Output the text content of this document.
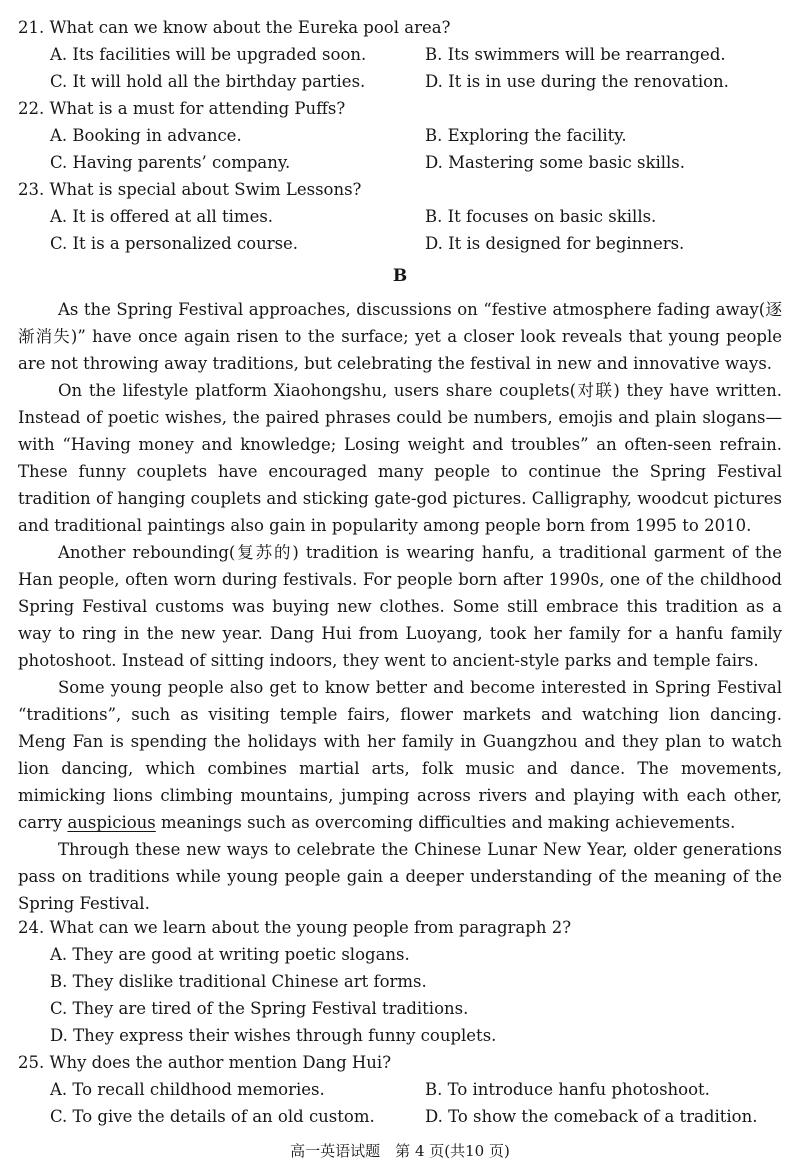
21. What can we know about the Eureka pool area?
A. Its facilities will be upgraded soon.	B. Its swimmers will be rearranged.
C. It will hold all the birthday parties.	D. It is in use during the renovation.
22. What is a must for attending Puffs?
A. Booking in advance.	B. Exploring the facility.
C. Having parents’ company.	D. Mastering some basic skills.
23. What is special about Swim Lessons?
A. It is offered at all times.	B. It focuses on basic skills.
C. It is a personalized course.	D. It is designed for beginners.
B
As the Spring Festival approaches, discussions on “festive atmosphere fading away(逐渐消失)” have once again risen to the surface; yet a closer look reveals that young people are not throwing away traditions, but celebrating the festival in new and innovative ways.
On the lifestyle platform Xiaohongshu, users share couplets(对联) they have written. Instead of poetic wishes, the paired phrases could be numbers, emojis and plain slogans—with “Having money and knowledge; Losing weight and troubles” an often-seen refrain. These funny couplets have encouraged many people to continue the Spring Festival tradition of hanging couplets and sticking gate-god pictures. Calligraphy, woodcut pictures and traditional paintings also gain in popularity among people born from 1995 to 2010.
Another rebounding(复苏的) tradition is wearing hanfu, a traditional garment of the Han people, often worn during festivals. For people born after 1990s, one of the childhood Spring Festival customs was buying new clothes. Some still embrace this tradition as a way to ring in the new year. Dang Hui from Luoyang, took her family for a hanfu family photoshoot. Instead of sitting indoors, they went to ancient-style parks and temple fairs.
Some young people also get to know better and become interested in Spring Festival “traditions”, such as visiting temple fairs, flower markets and watching lion dancing. Meng Fan is spending the holidays with her family in Guangzhou and they plan to watch lion dancing, which combines martial arts, folk music and dance. The movements, mimicking lions climbing mountains, jumping across rivers and playing with each other, carry auspicious meanings such as overcoming difficulties and making achievements.
Through these new ways to celebrate the Chinese Lunar New Year, older generations pass on traditions while young people gain a deeper understanding of the meaning of the Spring Festival.
24. What can we learn about the young people from paragraph 2?
A. They are good at writing poetic slogans.
B. They dislike traditional Chinese art forms.
C. They are tired of the Spring Festival traditions.
D. They express their wishes through funny couplets.
25. Why does the author mention Dang Hui?
A. To recall childhood memories.	B. To introduce hanfu photoshoot.
C. To give the details of an old custom.	D. To show the comeback of a tradition.
高一英语试题　第 4 页(共10 页)
